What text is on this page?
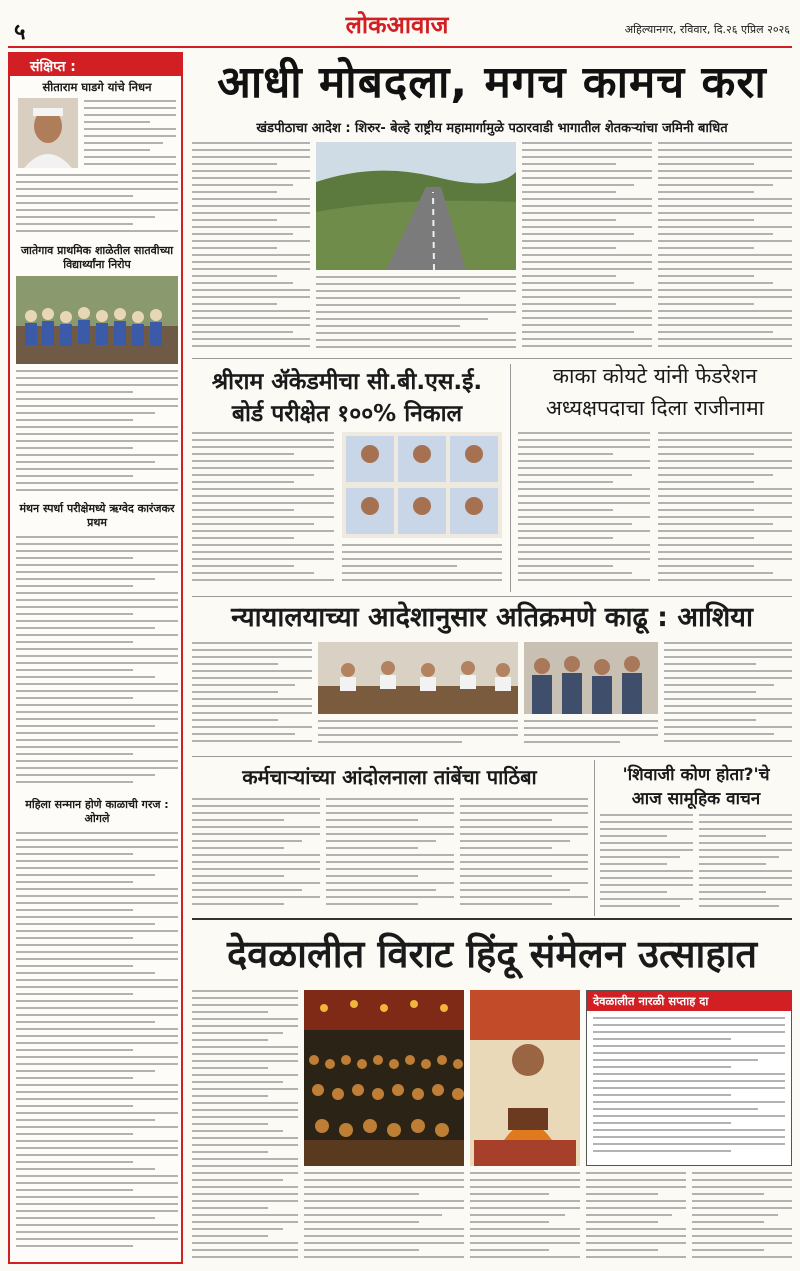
५	लोकआवाज	अहिल्यानगर, रविवार, दि.२६ एप्रिल २०२६
संक्षिप्त :
सीताराम घाडगे यांचे निधन
जातेगाव प्राथमिक शाळेतील सातवीच्या विद्यार्थ्यांना निरोप
मंथन स्पर्धा परीक्षेमध्ये ऋग्वेद कारंजकर प्रथम
महिला सन्मान होणे काळाची गरज : ओगले
आधी मोबदला, मगच कामच करा
खंडपीठाचा आदेश : शिरुर- बेल्हे राष्ट्रीय महामार्गामुळे पठारवाडी भागातील शेतकऱ्यांचा जमिनी बाधित
श्रीराम ॲकेडमीचा सी.बी.एस.ई.
बोर्ड परीक्षेत १००% निकाल
काका कोयटे यांनी फेडरेशन
अध्यक्षपदाचा दिला राजीनामा
न्यायालयाच्या आदेशानुसार अतिक्रमणे काढू : आशिया
कर्मचाऱ्यांच्या आंदोलनाला तांबेंचा पाठिंबा	'शिवाजी कोण होता?'चे
आज सामूहिक वाचन
देवळालीत विराट हिंदू संमेलन उत्साहात
देवळालीत नारळी सप्ताह दा
